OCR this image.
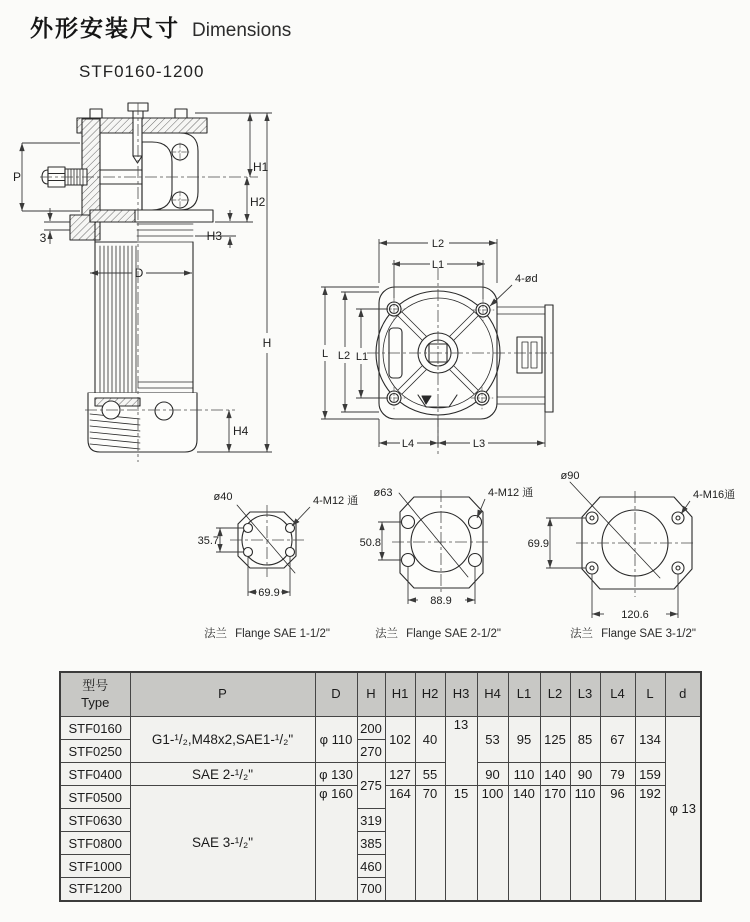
外形安装尺寸 Dimensions
STF0160-1200
P
3
D
H1
H2
H3
H
H4
L2
L1
4-ød
L L2 L1
L4	L3
ø40	4-M12 通
35.7
69.9
法兰 Flange SAE 1-1/2"
ø63	4-M12 通
50.8
88.9
法兰 Flange SAE 2-1/2"
ø90
4-M16通
69.9
120.6
法兰 Flange SAE 3-1/2"
型号
Type	P	D	H	H1	H2	H3	H4	L1	L2	L3	L4	L	d
STF0160	G1-¹/₂,M48x2,SAE1-¹/₂"	φ 110	200	102	40	13	53	95	125	85	67	134	φ 13
STF0250			270										
STF0400	SAE 2-¹/₂"	φ 130	275	127	55		90	110	140	90	79	159	
STF0500	SAE 3-¹/₂"	φ 160		164	70	15	100	140	170	110	96	192	
STF0630			319										
STF0800			385										
STF1000			460										
STF1200			700										
